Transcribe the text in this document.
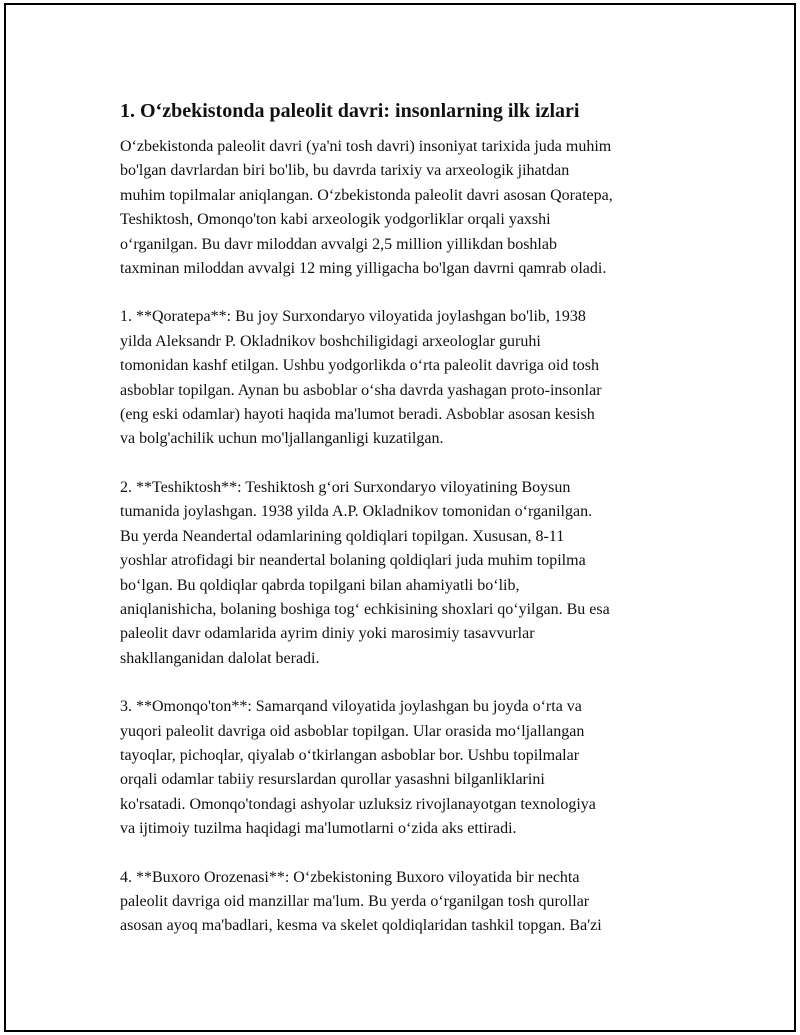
1. O‘zbekistonda paleolit davri: insonlarning ilk izlari

O‘zbekistonda paleolit davri (ya'ni tosh davri) insoniyat tarixida juda muhim
bo'lgan davrlardan biri bo'lib, bu davrda tarixiy va arxeologik jihatdan
muhim topilmalar aniqlangan. O‘zbekistonda paleolit davri asosan Qoratepa,
Teshiktosh, Omonqo'ton kabi arxeologik yodgorliklar orqali yaxshi
o‘rganilgan. Bu davr miloddan avvalgi 2,5 million yillikdan boshlab
taxminan miloddan avvalgi 12 ming yilligacha bo'lgan davrni qamrab oladi.

1. **Qoratepa**: Bu joy Surxondaryo viloyatida joylashgan bo'lib, 1938
yilda Aleksandr P. Okladnikov boshchiligidagi arxeologlar guruhi
tomonidan kashf etilgan. Ushbu yodgorlikda o‘rta paleolit davriga oid tosh
asboblar topilgan. Aynan bu asboblar o‘sha davrda yashagan proto-insonlar
(eng eski odamlar) hayoti haqida ma'lumot beradi. Asboblar asosan kesish
va bolg'achilik uchun mo'ljallanganligi kuzatilgan.

2. **Teshiktosh**: Teshiktosh g‘ori Surxondaryo viloyatining Boysun
tumanida joylashgan. 1938 yilda A.P. Okladnikov tomonidan o‘rganilgan.
Bu yerda Neandertal odamlarining qoldiqlari topilgan. Xususan, 8-11
yoshlar atrofidagi bir neandertal bolaning qoldiqlari juda muhim topilma
bo‘lgan. Bu qoldiqlar qabrda topilgani bilan ahamiyatli bo‘lib,
aniqlanishicha, bolaning boshiga tog‘ echkisining shoxlari qo‘yilgan. Bu esa
paleolit davr odamlarida ayrim diniy yoki marosimiy tasavvurlar
shakllanganidan dalolat beradi.

3. **Omonqo'ton**: Samarqand viloyatida joylashgan bu joyda o‘rta va
yuqori paleolit davriga oid asboblar topilgan. Ular orasida mo‘ljallangan
tayoqlar, pichoqlar, qiyalab o‘tkirlangan asboblar bor. Ushbu topilmalar
orqali odamlar tabiiy resurslardan qurollar yasashni bilganliklarini
ko'rsatadi. Omonqo'tondagi ashyolar uzluksiz rivojlanayotgan texnologiya
va ijtimoiy tuzilma haqidagi ma'lumotlarni o‘zida aks ettiradi.

4. **Buxoro Orozenasi**: O‘zbekistoning Buxoro viloyatida bir nechta
paleolit davriga oid manzillar ma'lum. Bu yerda o‘rganilgan tosh qurollar
asosan ayoq ma'badlari, kesma va skelet qoldiqlaridan tashkil topgan. Ba'zi
